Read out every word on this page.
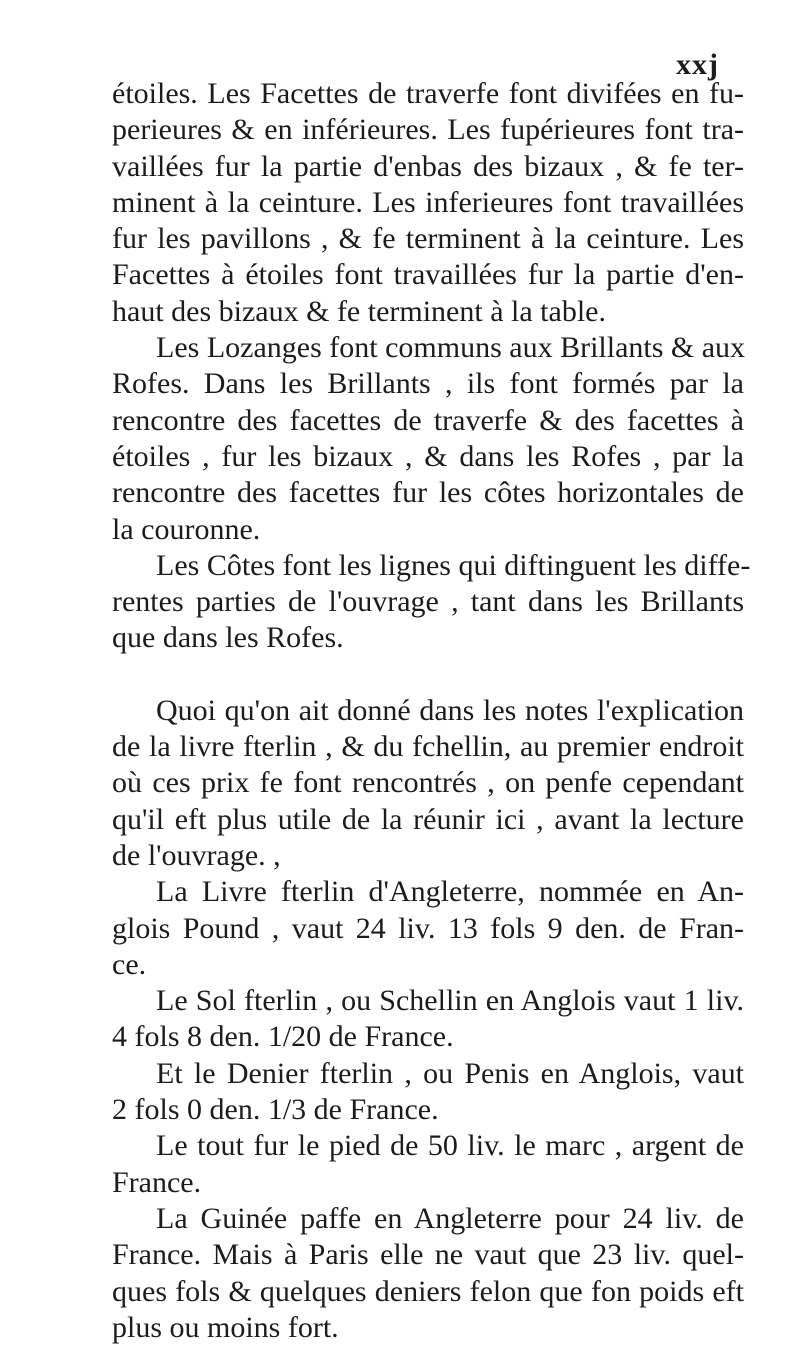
xxj
étoiles. Les Facettes de traverfe font divifées en fu-
perieures & en inférieures. Les fupérieures font tra-
vaillées fur la partie d'enbas des bizaux , & fe ter-
minent à la ceinture. Les inferieures font travaillées
fur les pavillons , & fe terminent à la ceinture. Les
Facettes à étoiles font travaillées fur la partie d'en-
haut des bizaux & fe terminent à la table.
Les Lozanges font communs aux Brillants & aux
Rofes. Dans les Brillants , ils font formés par la
rencontre des facettes de traverfe & des facettes à
étoiles , fur les bizaux , & dans les Rofes , par la
rencontre des facettes fur les côtes horizontales de
la couronne.
Les Côtes font les lignes qui diftinguent les diffe-
rentes parties de l'ouvrage , tant dans les Brillants
que dans les Rofes.
Quoi qu'on ait donné dans les notes l'explication
de la livre fterlin , & du fchellin, au premier endroit
où ces prix fe font rencontrés , on penfe cependant
qu'il eft plus utile de la réunir ici , avant la lecture
de l'ouvrage. ,
La Livre fterlin d'Angleterre, nommée en An-
glois Pound , vaut 24 liv. 13 fols 9 den. de Fran-
ce.
Le Sol fterlin , ou Schellin en Anglois vaut 1 liv.
4 fols 8 den. 1/20 de France.
Et le Denier fterlin , ou Penis en Anglois, vaut
2 fols 0 den. 1/3 de France.
Le tout fur le pied de 50 liv. le marc , argent de
France.
La Guinée paffe en Angleterre pour 24 liv. de
France. Mais à Paris elle ne vaut que 23 liv. quel-
ques fols & quelques deniers felon que fon poids eft
plus ou moins fort.
